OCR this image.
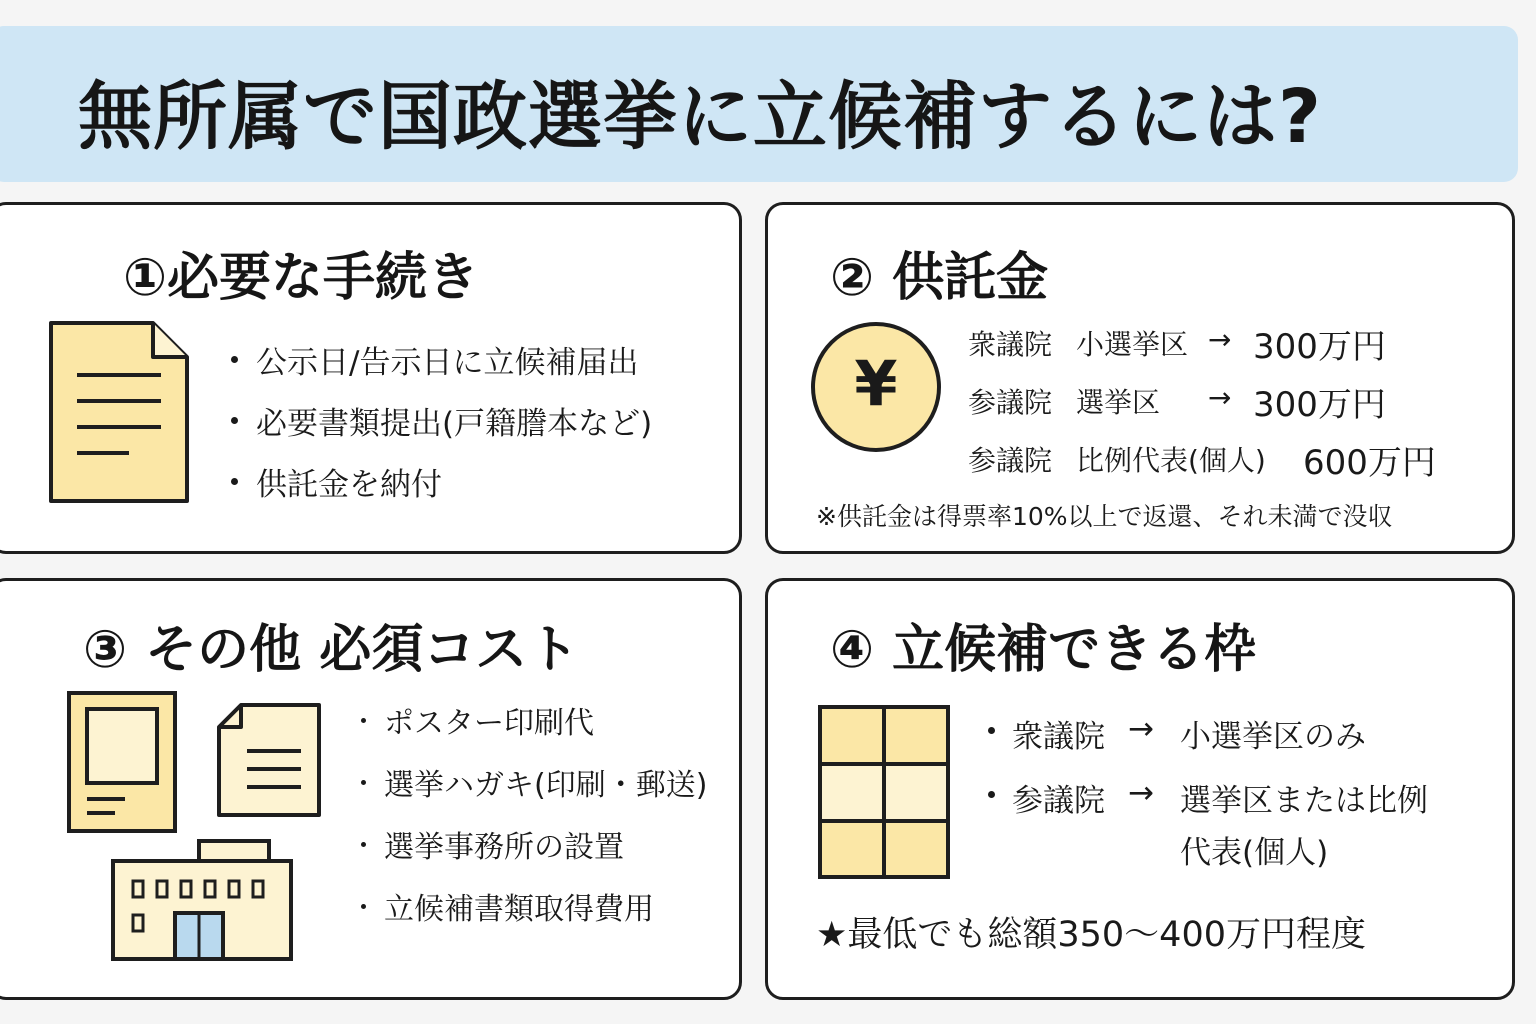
無所属で国政選挙に立候補するには?
①必要な手続き
公示日/告示日に立候補届出
必要書類提出(戸籍謄本など)
供託金を納付
② 供託金
¥
衆議院 小選挙区 → 300万円
参議院 選挙区 → 300万円
参議院 比例代表(個人) 600万円

※供託金は得票率10%以上で返還、それ未満で没収

③ その他 必須コスト
ポスター印刷代
選挙ハガキ(印刷・郵送)
選挙事務所の設置
立候補書類取得費用
④ 立候補できる枠
衆議院 → 小選挙区のみ
参議院 → 選挙区または比例
代表(個人)

★最低でも総額350〜400万円程度
